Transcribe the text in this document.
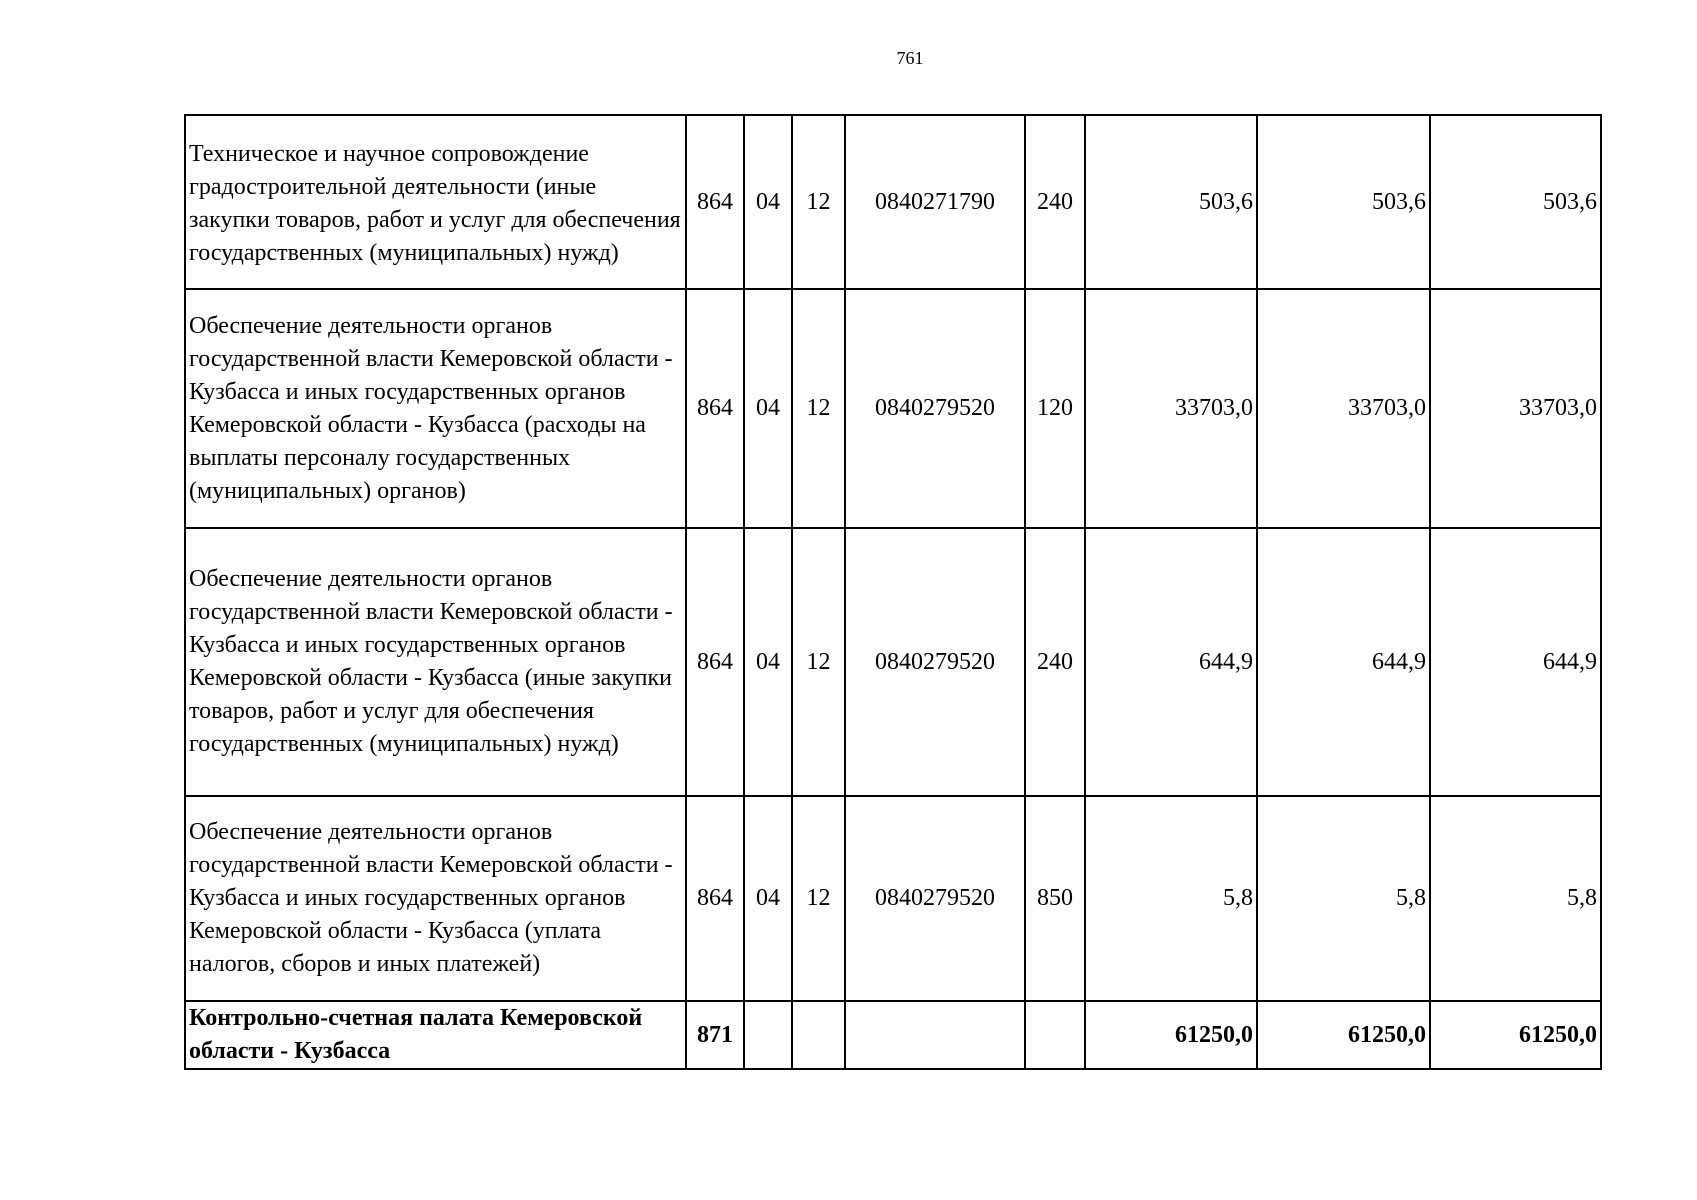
761
Техническое и научное сопровождение градостроительной деятельности (иные закупки товаров, работ и услуг для обеспечения государственных (муниципальных) нужд)	864	04	12	0840271790	240	503,6	503,6	503,6
Обеспечение деятельности органов государственной власти Кемеровской области - Кузбасса и иных государственных органов Кемеровской области - Кузбасса (расходы на выплаты персоналу государственных (муниципальных) органов)	864	04	12	0840279520	120	33703,0	33703,0	33703,0
Обеспечение деятельности органов государственной власти Кемеровской области - Кузбасса и иных государственных органов Кемеровской области - Кузбасса (иные закупки товаров, работ и услуг для обеспечения государственных (муниципальных) нужд)	864	04	12	0840279520	240	644,9	644,9	644,9
Обеспечение деятельности органов государственной власти Кемеровской области - Кузбасса и иных государственных органов Кемеровской области - Кузбасса (уплата налогов, сборов и иных платежей)	864	04	12	0840279520	850	5,8	5,8	5,8
Контрольно-счетная палата Кемеровской области - Кузбасса	871					61250,0	61250,0	61250,0
